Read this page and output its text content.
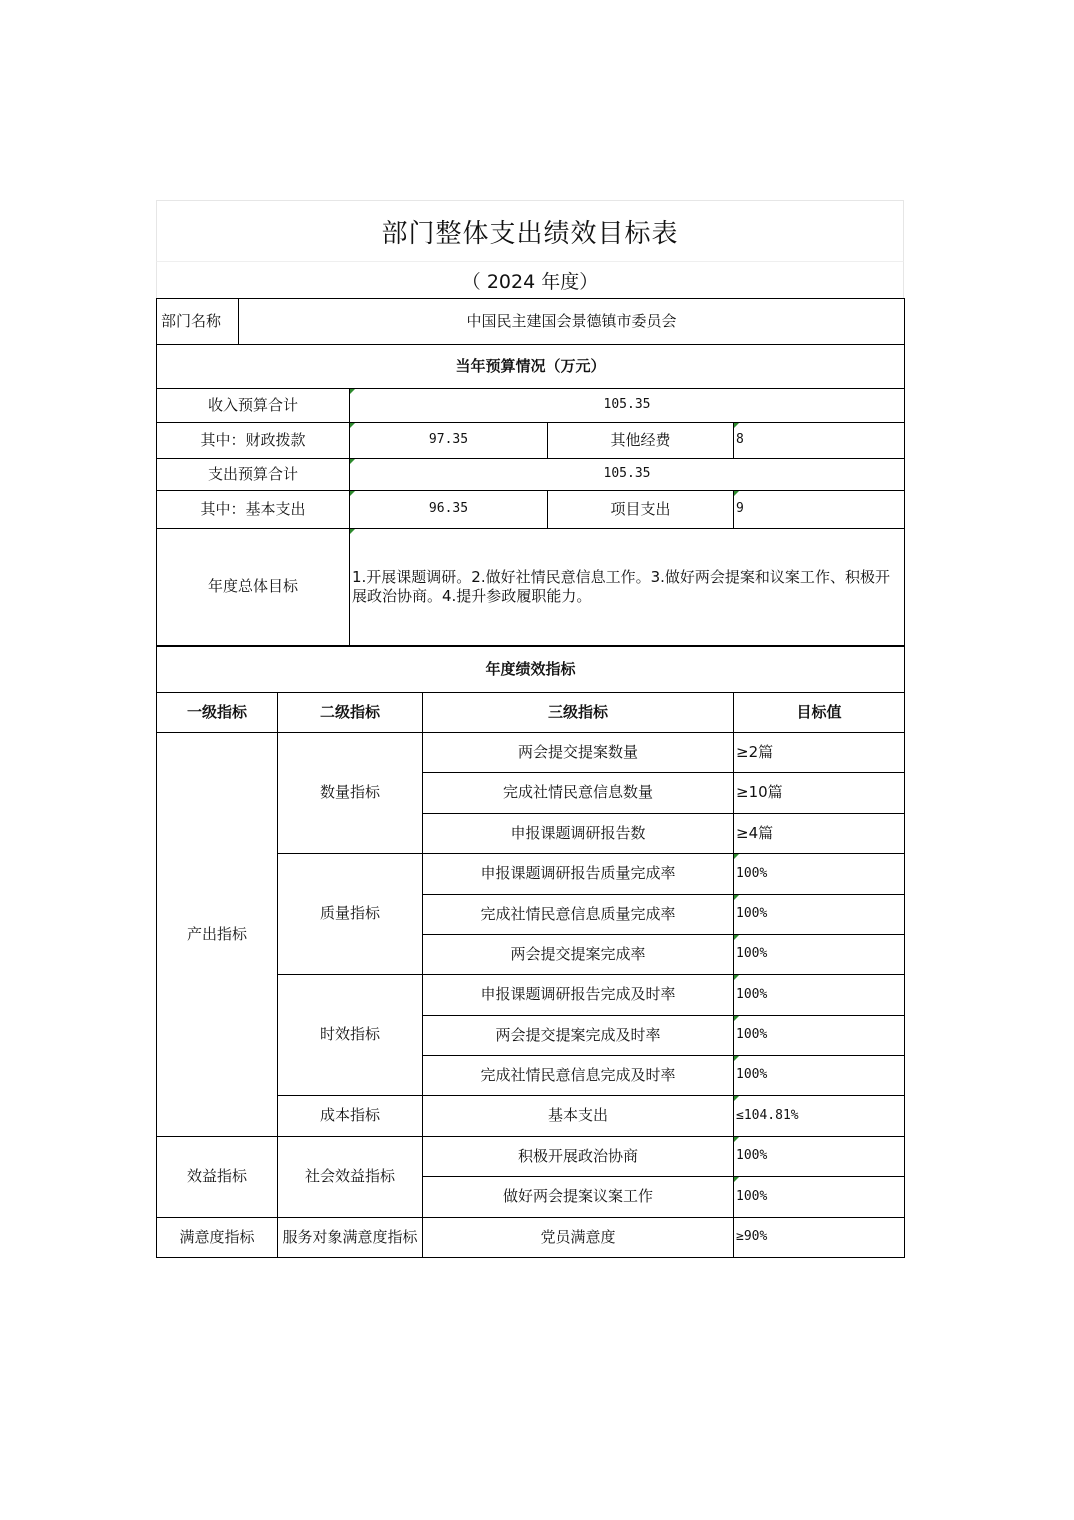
部门整体支出绩效目标表
（ 2024 年度）
部门名称	中国民主建国会景德镇市委员会			
当年预算情况（万元）				
收入预算合计		105.35		
其中：财政拨款		97.35	其他经费	8
支出预算合计		105.35		
其中：基本支出		96.35	项目支出	9
年度总体目标		1.开展课题调研。2.做好社情民意信息工作。3.做好两会提案和议案工作、积极开展政治协商。4.提升参政履职能力。		
年度绩效指标			
一级指标	二级指标	三级指标	目标值
产出指标	数量指标	两会提交提案数量	≥2篇
		完成社情民意信息数量	≥10篇
		申报课题调研报告数	≥4篇
	质量指标	申报课题调研报告质量完成率	100%
		完成社情民意信息质量完成率	100%
		两会提交提案完成率	100%
	时效指标	申报课题调研报告完成及时率	100%
		两会提交提案完成及时率	100%
		完成社情民意信息完成及时率	100%
	成本指标	基本支出	≤104.81%
效益指标	社会效益指标	积极开展政治协商	100%
		做好两会提案议案工作	100%
满意度指标	服务对象满意度指标	党员满意度	≥90%
